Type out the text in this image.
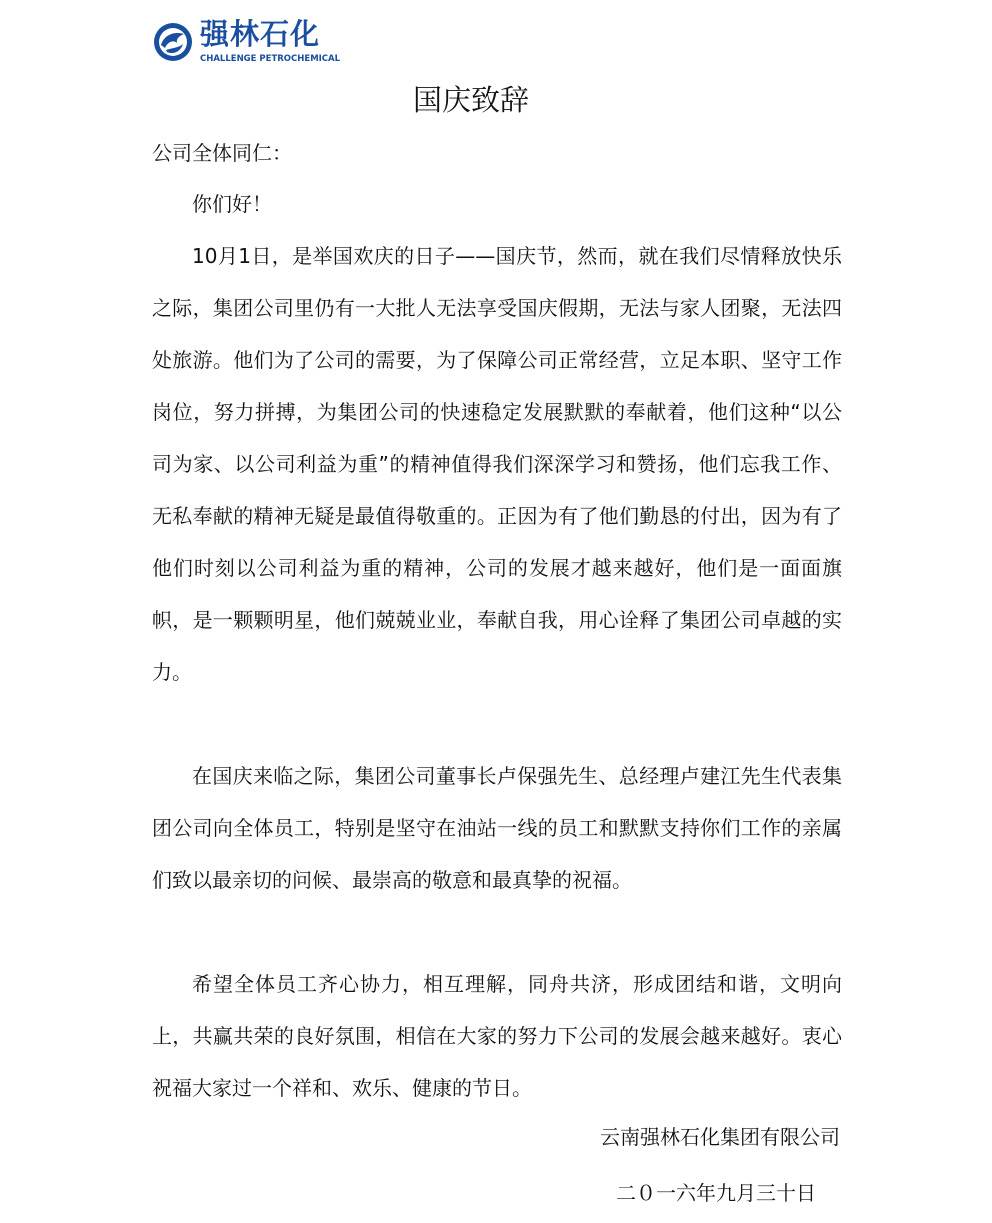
强林石化
CHALLENGE PETROCHEMICAL
国庆致辞
公司全体同仁：

你们好！

10月1日，是举国欢庆的日子——国庆节，然而，就在我们尽情释放快乐之际，集团公司里仍有一大批人无法享受国庆假期，无法与家人团聚，无法四处旅游。他们为了公司的需要，为了保障公司正常经营，立足本职、坚守工作岗位，努力拼搏，为集团公司的快速稳定发展默默的奉献着，他们这种“以公司为家、以公司利益为重”的精神值得我们深深学习和赞扬，他们忘我工作、无私奉献的精神无疑是最值得敬重的。正因为有了他们勤恳的付出，因为有了他们时刻以公司利益为重的精神，公司的发展才越来越好，他们是一面面旗帜，是一颗颗明星，他们兢兢业业，奉献自我，用心诠释了集团公司卓越的实力。

在国庆来临之际，集团公司董事长卢保强先生、总经理卢建江先生代表集团公司向全体员工，特别是坚守在油站一线的员工和默默支持你们工作的亲属们致以最亲切的问候、最崇高的敬意和最真挚的祝福。

希望全体员工齐心协力，相互理解，同舟共济，形成团结和谐，文明向上，共赢共荣的良好氛围，相信在大家的努力下公司的发展会越来越好。衷心祝福大家过一个祥和、欢乐、健康的节日。

云南强林石化集团有限公司
二０一六年九月三十日
